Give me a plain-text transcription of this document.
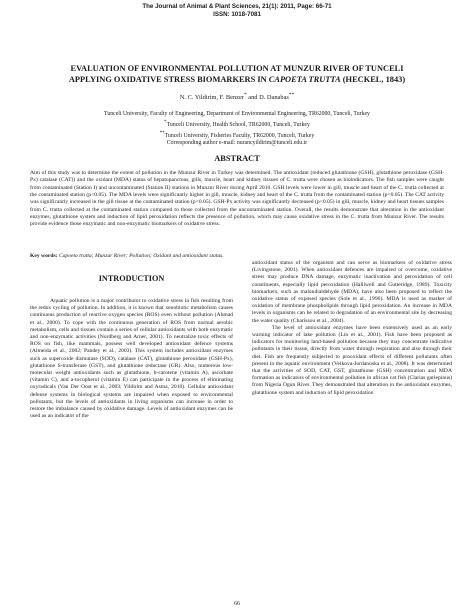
The Journal of Animal & Plant Sciences, 21(1): 2011, Page: 66-71
ISSN: 1018-7081
EVALUATION OF ENVIRONMENTAL POLLUTION AT MUNZUR RIVER OF TUNCELI
APPLYING OXIDATIVE STRESS BIOMARKERS IN CAPOETA TRUTTA (HECKEL, 1843)
N. C. Yildirim, F. Benzer* and D. Danabas**
Tunceli University, Faculty of Engineering, Department of Environmental Engineering, TR62000, Tunceli, Turkey
*Tunceli University, Health School, TR62000, Tunceli, Turkey
**Tunceli University, Fisheries Faculty, TR62000, Tunceli, Turkey
Corresponding author e-mail: nurancyildirim@tunceli.edu.tr
ABSTRACT
Aim of this study was to determine the extent of pollution in the Munzur River in Turkey was determined. The antioxidant (reduced glutathione (GSH), glutathione peroxidase (GSH-Px) catalase (CAT)) and the oxidant (MDA) status of hepatopancreas, gills, muscle, heart and kidney tissues of C. trutta were chosen as bioindicators. The fish samples were caught from contaminated (Station I) and uncontaminated (Station II) stations in Munzur River during April 2010. GSH levels were lower in gill, muscle and heart of the C. trutta collected at the contaminated station (p<0.05). The MDA levels were significantly higher in gill, muscle, kidney and heart of the C. trutta from the contaminated station (p<0.05). The CAT activity was significantly increased in the gill tissue at the contaminated station (p<0.05). GSH-Px activity was significantly decreased (p<0.05) in gill, muscle, kidney and heart tissues samples from C. trutta collected at the contaminated station compared to those collected from the uncontaminated station. Overall, the results demonstrate that alteration in the antioxidant enzymes, glutathione system and induction of lipid peroxidation reflects the presence of pollution, which may cause oxidative stress in the C. trutta from Munzur River. The results provide evidence those enzymatic and non-enzymatic biomarkers of oxidative stress.
Key words: Capoeta trutta; Munzur River; Pollution; Oxidant and antioxidant status.
INTRODUCTION

Aquatic pollution is a major contributor to oxidative stress in fish resulting from the redox cycling of pollution. In addition, it is known that xenobiotic metabolism causes continuous production of reactive oxygen species (ROS) even without pollution (Ahmad et al., 2000). To cope with the continuous generation of ROS from normal aerobic metabolism, cells and tissues contain a series of cellular antioxidants with both enzymatic and non-enzymatic activities (Nordberg and Arner, 2001). To neutralize toxic effects of ROS on fish, like mammals, possess well developed antioxidant defence systems (Almeida et al., 2002; Pandey et al., 2003). This system includes antioxidant enzymes such as superoxide dismutase (SOD), catalase (CAT), glutathione peroxidase (GSH-Px), glutathione S-transferase (GST), and glutathione reductase (GR). Also, numerous low-molecular weight antioxidants such as glutathione, b-carotene (vitamin A), ascorbate (vitamin C), and a-tocopherol (vitamin E) can participate in the process of eliminating oxyradicals (Van Der Oost et al., 2003; Yildirim and Asma, 2010). Cellular antioxidant defense systems in biological systems are impaired when exposed to environmental pollutants, but the levels of antioxidants in living organisms can increase in order to restore the imbalance caused by oxidative damage. Levels of antioxidant enzymes can be used as an indicator of the

antioxidant status of the organism and can serve as biomarkers of oxidative stress (Livingstone, 2001). When antioxidant defences are impaired or overcome, oxidative stress may produce DNA damage, enzymatic inactivation and peroxidation of cell constituents, especially lipid peroxidation (Halliwell and Gutteridge, 1989). Toxicity biomarkers, such as malondialdehyde (MDA), have also been proposed to reflect the oxidative status of exposed species (Sole et al., 1996). MDA is used as marker of oxidation of membrane phospholipids through lipid peroxidation. An increase in MDA levels in organisms can be related to degradation of an environmental site by decreasing the water quality (Charissou et al., 2004).

The level of antioxidant enzymes have been extensively used as an early warning indicator of lake pollution (Lin et al., 2001). Fish have been proposed as indicators for monitoring land-based pollution because they may concentrate indicative pollutants in their tissue, directly from water through respiration and also through their diet. Fish are frequently subjected to prooxidant effects of different pollutants often present in the aquatic environment (Velkova-Jordanoska et al., 2008). It was determined that the activities of SOD, CAT, GST, glutathione (GSH) concentration and MDA formation as indicators of environmental pollution in african cat fish (Clarias gariepinus) from Nigeria Ogun River. They demonstrated that alteration in the antioxidant enzymes, glutathione system and induction of lipid peroxidation

66
